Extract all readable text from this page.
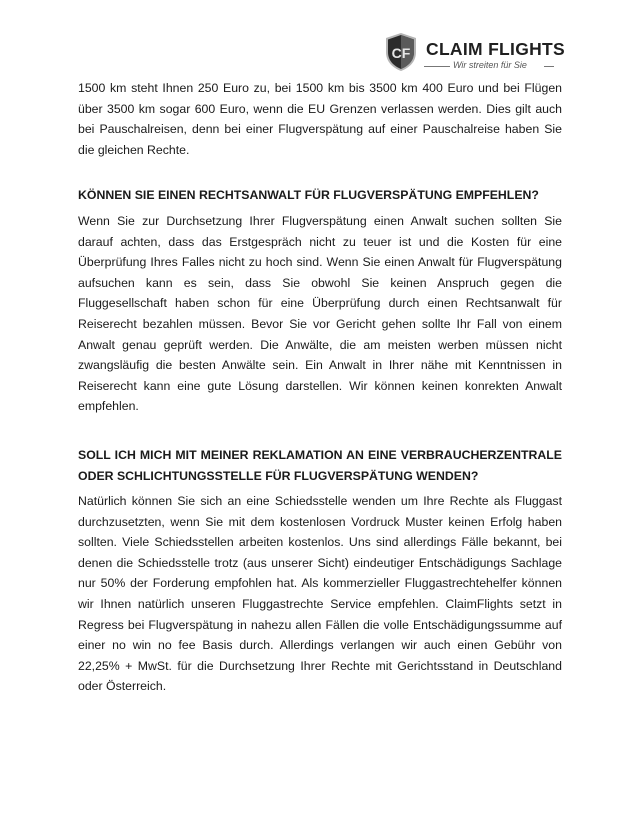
CF CLAIM FLIGHTS
Wir streiten für Sie

1500 km steht Ihnen 250 Euro zu, bei 1500 km bis 3500 km 400 Euro und bei Flügen über 3500 km sogar 600 Euro, wenn die EU Grenzen verlassen werden. Dies gilt auch bei Pauschalreisen, denn bei einer Flugverspätung auf einer Pauschalreise haben Sie die gleichen Rechte.

KÖNNEN SIE EINEN RECHTSANWALT FÜR FLUGVERSPÄTUNG EMPFEHLEN?

Wenn Sie zur Durchsetzung Ihrer Flugverspätung einen Anwalt suchen sollten Sie darauf achten, dass das Erstgespräch nicht zu teuer ist und die Kosten für eine Überprüfung Ihres Falles nicht zu hoch sind. Wenn Sie einen Anwalt für Flugverspätung aufsuchen kann es sein, dass Sie obwohl Sie keinen Anspruch gegen die Fluggesellschaft haben schon für eine Überprüfung durch einen Rechtsanwalt für Reiserecht bezahlen müssen. Bevor Sie vor Gericht gehen sollte Ihr Fall von einem Anwalt genau geprüft werden. Die Anwälte, die am meisten werben müssen nicht zwangsläufig die besten Anwälte sein. Ein Anwalt in Ihrer nähe mit Kenntnissen in Reiserecht kann eine gute Lösung darstellen. Wir können keinen konrekten Anwalt empfehlen.

SOLL ICH MICH MIT MEINER REKLAMATION AN EINE VERBRAUCHERZENTRALE ODER SCHLICHTUNGSSTELLE FÜR FLUGVERSPÄTUNG WENDEN?

Natürlich können Sie sich an eine Schiedsstelle wenden um Ihre Rechte als Fluggast durchzusetzten, wenn Sie mit dem kostenlosen Vordruck Muster keinen Erfolg haben sollten. Viele Schiedsstellen arbeiten kostenlos. Uns sind allerdings Fälle bekannt, bei denen die Schiedsstelle trotz (aus unserer Sicht) eindeutiger Entschädigungs Sachlage nur 50% der Forderung empfohlen hat. Als kommerzieller Fluggastrechtehelfer können wir Ihnen natürlich unseren Fluggastrechte Service empfehlen. ClaimFlights setzt in Regress bei Flugverspätung in nahezu allen Fällen die volle Entschädigungssumme auf einer no win no fee Basis durch. Allerdings verlangen wir auch einen Gebühr von 22,25% + MwSt. für die Durchsetzung Ihrer Rechte mit Gerichtsstand in Deutschland oder Österreich.
